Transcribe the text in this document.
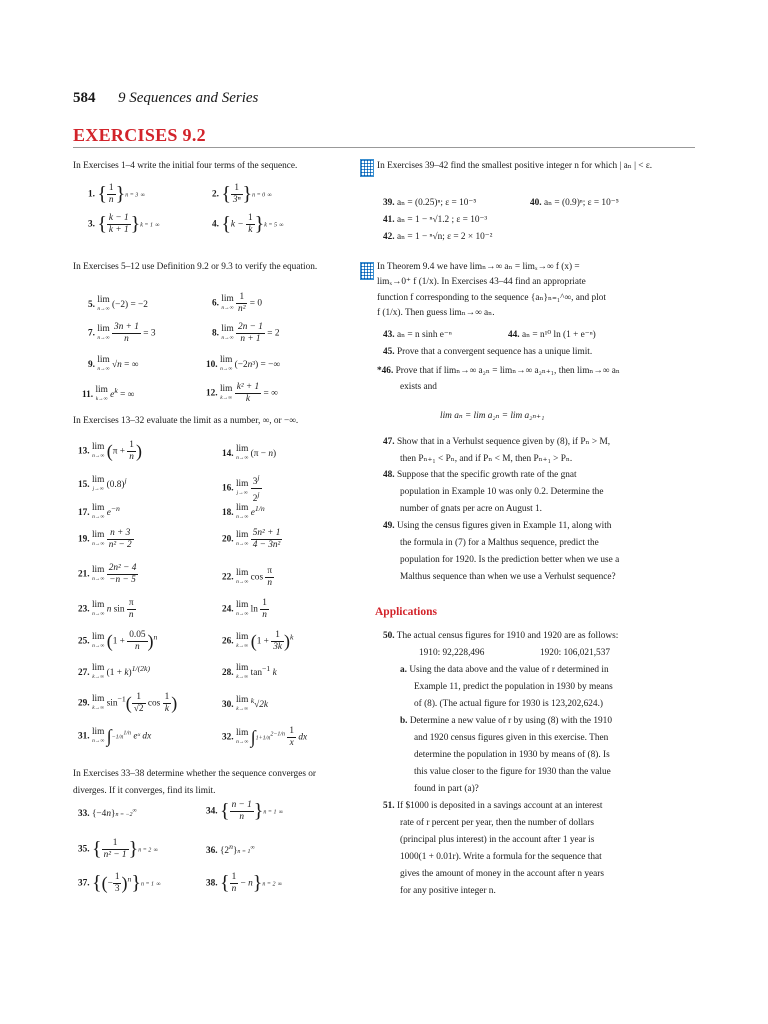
584 9 Sequences and Series
EXERCISES 9.2
In Exercises 1–4 write the initial four terms of the sequence.
1. { $\frac{1}{n} \}n = 3$ ∞	2. { $\frac{1}{\text{3ⁿ}} \}n = 0$ ∞
3. { $\frac{k - 1}{k + 1} \}k = 1$ ∞	4. $\{k - \frac{1}{k} \}k = 5$ ∞
In Exercises 5–12 use Definition 9.2 or 9.3 to verify the equation.
5. lim
n→∞ (−2) = −2	6. lim
n→∞
$\frac{1}{\text{n²}} = 0$
7. lim
n→∞
$\frac{3n + 1}{n} = 3$	8. lim
n→∞
$\frac{2n - 1}{n + 1} = 2$
9. lim
n→∞ √n = ∞	10. lim
n→∞ (−2n³) = −∞
11. lim
k→∞ $e^k$ = ∞	12. lim
k→∞
$\frac{\text{k² + 1}}{k}$ = ∞
In Exercises 13–32 evaluate the limit as a number, ∞, or −∞.
13. lim
n→∞ ($\pi + \frac{1}{n}$ )	14. lim
n→∞ (π − n)
15. lim
j→∞ $(0.8)^j$
16. lim
j→∞
$\frac{3^j}{2^j}$
17. lim
n→∞ $e^{-n}$	18. lim
n→∞ $e^{1/n}$
19. lim
n→∞
$\frac{n + 3}{\text{n² − 2}}$	20. lim
n→∞
$\frac{\text{5n² + 1}}{\text{4 − 3n²}}$
21. lim
n→∞
$\frac{\text{2n² − 4}}{-n - 5}$	22. lim
n→∞ $\cos \frac{\pi}{n}$
23. lim
n→∞ n $\sin \frac{\pi}{n}$	24. lim
n→∞ $\ln \frac{1}{n}$
25. lim
n→∞ $(1 + \frac{0.05}{n} )^n$	26. lim
k→∞ $(1 + \frac{1}{3k} )^k$
27. lim
k→∞ $(1 + k)^{1/(2k)}$	28. lim
k→∞ $\tan^{-1} k$
29. lim
k→∞ $\sin^{-1}( \frac{1}{√2}$ $\cos \frac{1}{k}$ )	30. lim
k→∞
$^k$√2k
31. lim
n→∞ $\int-1/n^{1/n}$ eˣ dx	32. lim
n→∞ $\int 1+1/n^{2-1/n} \frac{1}{x}$ dx
In Exercises 33–38 determine whether the sequence converges or diverges. If it converges, find its limit.
33. {−4n}n = −2∞	34. { $\frac{n - 1}{n} \}n = 1$ ∞
35. { $\frac{1}{\text{n² − 1}} \}n = 2$ ∞	36. $\{2^n\}n = 1^\infty$
37. {(− $\frac{1}{3} )^n\}n = 1$ ∞	38. { $\frac{1}{n} - n\}n = 2$ ∞
In Exercises 39–42 find the smallest positive integer n for which | aₙ | < ε.
39. aₙ = (0.25)ⁿ; ε = 10⁻⁵	40. aₙ = (0.9)ⁿ; ε = 10⁻⁵
41. aₙ = 1 − ⁿ√1.2 ; ε = 10⁻³
42. aₙ = 1 − ⁿ√n; ε = 2 × 10⁻²
In Theorem 9.4 we have limₙ→∞ aₙ = limₓ→∞ f (x) =
limₓ→0⁺ f (1/x). In Exercises 43–44 find an appropriate
function f corresponding to the sequence {aₙ}ₙ₌₁^∞, and plot
f (1/x). Then guess limₙ→∞ aₙ.
43. aₙ = n sinh e⁻ⁿ	44. aₙ = n¹⁰ ln (1 + e⁻ⁿ)
45. Prove that a convergent sequence has a unique limit.
*46. Prove that if limₙ→∞ a₂ₙ = limₙ→∞ a₂ₙ₊₁, then limₙ→∞ aₙ
exists and
lim aₙ = lim a₂ₙ = lim a₂ₙ₊₁
47. Show that in a Verhulst sequence given by (8), if Pₙ > M,
then Pₙ₊₁ < Pₙ, and if Pₙ < M, then Pₙ₊₁ > Pₙ.
48. Suppose that the specific growth rate of the gnat
population in Example 10 was only 0.2. Determine the
number of gnats per acre on August 1.
49. Using the census figures given in Example 11, along with
the formula in (7) for a Malthus sequence, predict the
population for 1920. Is the prediction better when we use a
Malthus sequence than when we use a Verhulst sequence?
Applications
50. The actual census figures for 1910 and 1920 are as follows:
1910: 92,228,496	1920: 106,021,537
a. Using the data above and the value of r determined in
Example 11, predict the population in 1930 by means
of (8). (The actual figure for 1930 is 123,202,624.)
b. Determine a new value of r by using (8) with the 1910
and 1920 census figures given in this exercise. Then
determine the population in 1930 by means of (8). Is
this value closer to the figure for 1930 than the value
found in part (a)?
51. If $1000 is deposited in a savings account at an interest
rate of r percent per year, then the number of dollars
(principal plus interest) in the account after 1 year is
1000(1 + 0.01r). Write a formula for the sequence that
gives the amount of money in the account after n years
for any positive integer n.
